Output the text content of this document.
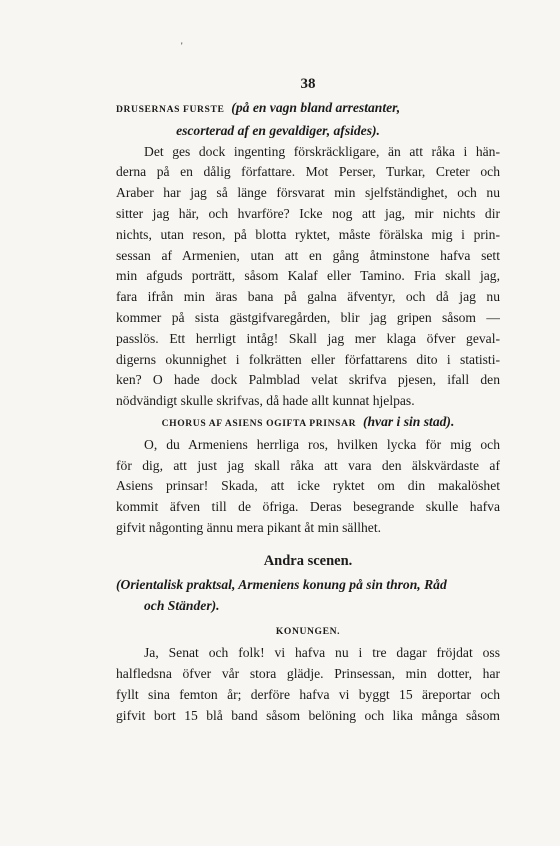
'
38
DRUSERNAS FURSTE (på en vagn bland arrestanter,
escorterad af en gevaldiger, afsides).
Det ges dock ingenting förskräckligare, än att råka i hän-
derna på en dålig författare. Mot Perser, Turkar, Creter och
Araber har jag så länge försvarat min sjelfständighet, och nu
sitter jag här, och hvarföre? Icke nog att jag, mir nichts dir
nichts, utan reson, på blotta ryktet, måste förälska mig i prin-
sessan af Armenien, utan att en gång åtminstone hafva sett
min afguds porträtt, såsom Kalaf eller Tamino. Fria skall jag,
fara ifrån min äras bana på galna äfventyr, och då jag nu
kommer på sista gästgifvaregården, blir jag gripen såsom —
passlös. Ett herrligt intåg! Skall jag mer klaga öfver geval-
digerns okunnighet i folkrätten eller författarens dito i statisti-
ken? O hade dock Palmblad velat skrifva pjesen, ifall den
nödvändigt skulle skrifvas, då hade allt kunnat hjelpas.
CHORUS AF ASIENS OGIFTA PRINSAR (hvar i sin stad).
O, du Armeniens herrliga ros, hvilken lycka för mig och
för dig, att just jag skall råka att vara den älskvärdaste af
Asiens prinsar! Skada, att icke ryktet om din makalöshet
kommit äfven till de öfriga. Deras besegrande skulle hafva
gifvit någonting ännu mera pikant åt min sällhet.
Andra scenen.
(Orientalisk praktsal, Armeniens konung på sin thron, Råd
och Ständer).
KONUNGEN.
Ja, Senat och folk! vi hafva nu i tre dagar fröjdat oss
halfledsna öfver vår stora glädje. Prinsessan, min dotter, har
fyllt sina femton år; derföre hafva vi byggt 15 äreportar och
gifvit bort 15 blå band såsom belöning och lika många såsom
